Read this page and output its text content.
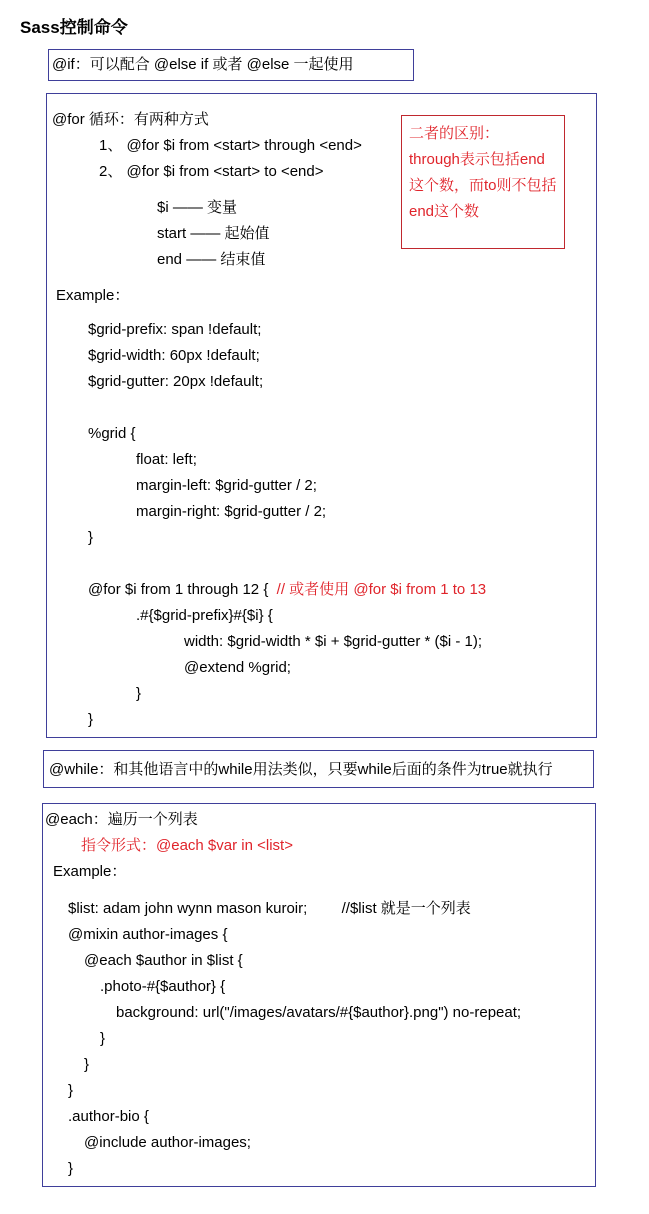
Sass控制命令
@if：可以配合 @else if 或者 @else 一起使用
@for 循环：有两种方式
1、 @for $i from <start> through <end>
2、 @for $i from <start> to <end>
$i —— 变量
start —— 起始值
end —— 结束值
Example：
$grid-prefix: span !default;
$grid-width: 60px !default;
$grid-gutter: 20px !default;
%grid {
float: left;
margin-left: $grid-gutter / 2;
margin-right: $grid-gutter / 2;
}
@for $i from 1 through 12 { // 或者使用 @for $i from 1 to 13
.#{$grid-prefix}#{$i} {
width: $grid-width * $i + $grid-gutter * ($i - 1);
@extend %grid;
}
}
二者的区别：
through表示包括end
这个数，而to则不包括
end这个数
@while：和其他语言中的while用法类似，只要while后面的条件为true就执行
@each：遍历一个列表
指令形式：@each $var in <list>
Example：
$list: adam john wynn mason kuroir; //$list 就是一个列表
@mixin author-images {
@each $author in $list {
.photo-#{$author} {
background: url("/images/avatars/#{$author}.png") no-repeat;
}
}
}
.author-bio {
@include author-images;
}
